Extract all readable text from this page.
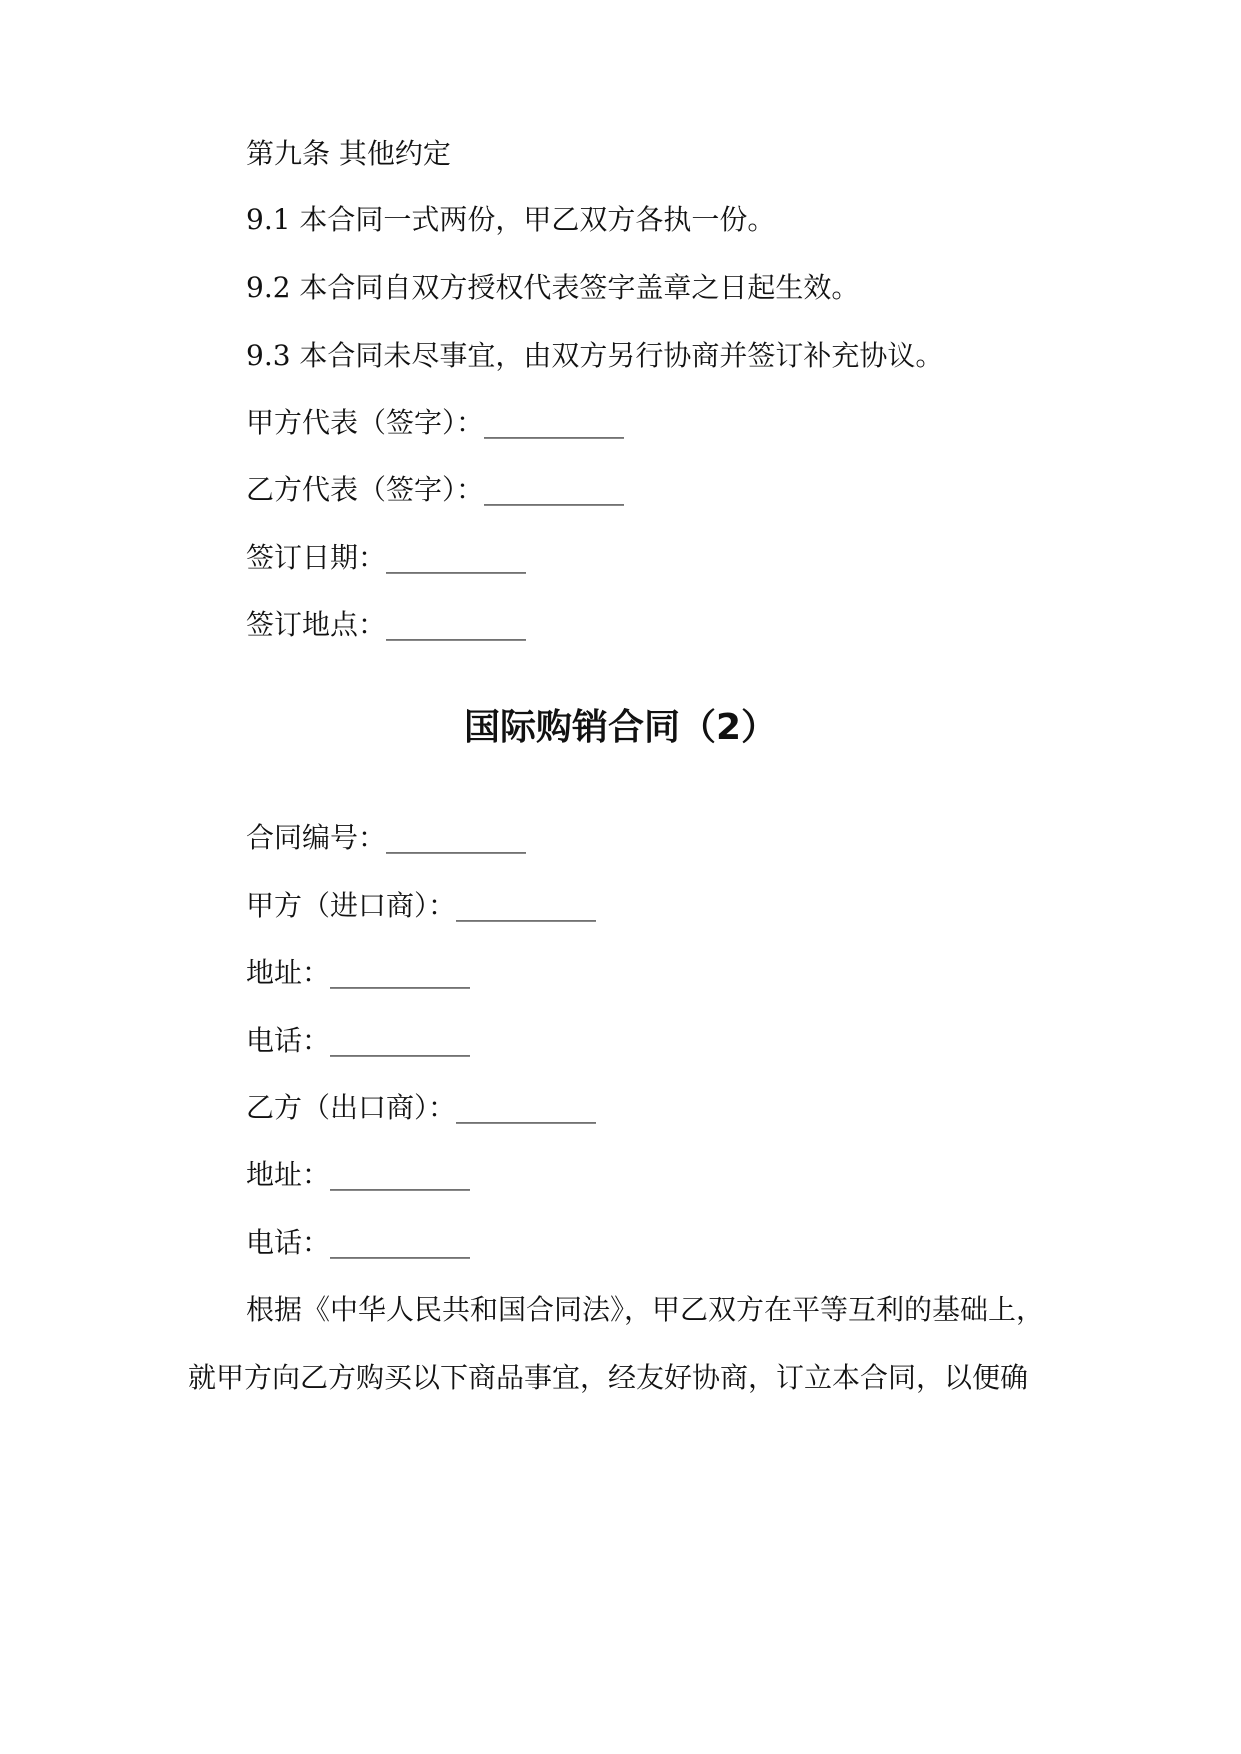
第九条 其他约定
9.1 本合同一式两份，甲乙双方各执一份。
9.2 本合同自双方授权代表签字盖章之日起生效。
9.3 本合同未尽事宜，由双方另行协商并签订补充协议。
甲方代表（签字）：__________
乙方代表（签字）：__________
签订日期：__________
签订地点：__________
国际购销合同（2）
合同编号：__________
甲方（进口商）：__________
地址：__________
电话：__________
乙方（出口商）：__________
地址：__________
电话：__________
根据《中华人民共和国合同法》，甲乙双方在平等互利的基础上，
就甲方向乙方购买以下商品事宜，经友好协商，订立本合同，以便确
